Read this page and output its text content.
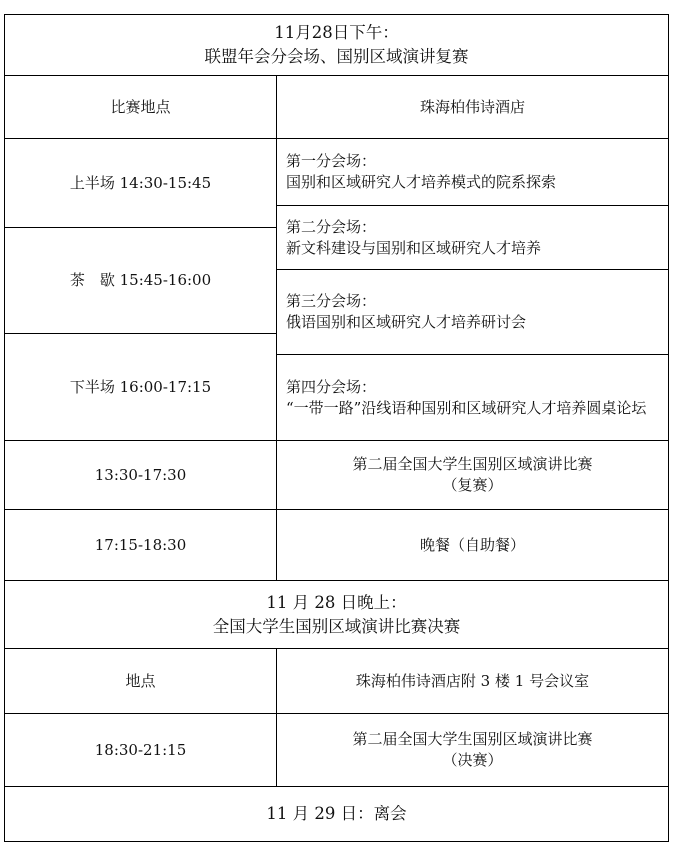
11月28日下午：
联盟年会分会场、国别区域演讲复赛	

比赛地点	珠海柏伟诗酒店
上半场 14:30-15:45	第一分会场：
国别和区域研究人才培养模式的院系探索

	第二分会场：
新文科建设与国别和区域研究人才培养

茶　歇 15:45-16:00	

	第三分会场：
俄语国别和区域研究人才培养研讨会

下半场 16:00-17:15	

	第四分会场：
“一带一路”沿线语种国别和区域研究人才培养圆桌论坛

13:30-17:30	第二届全国大学生国别区域演讲比赛
（复赛）

17:15-18:30	晚餐（自助餐）

11 月 28 日晚上：
全国大学生国别区域演讲比赛决赛	

地点	珠海柏伟诗酒店附 3 楼 1 号会议室
18:30-21:15	第二届全国大学生国别区域演讲比赛
（决赛）

11 月 29 日：离会	
